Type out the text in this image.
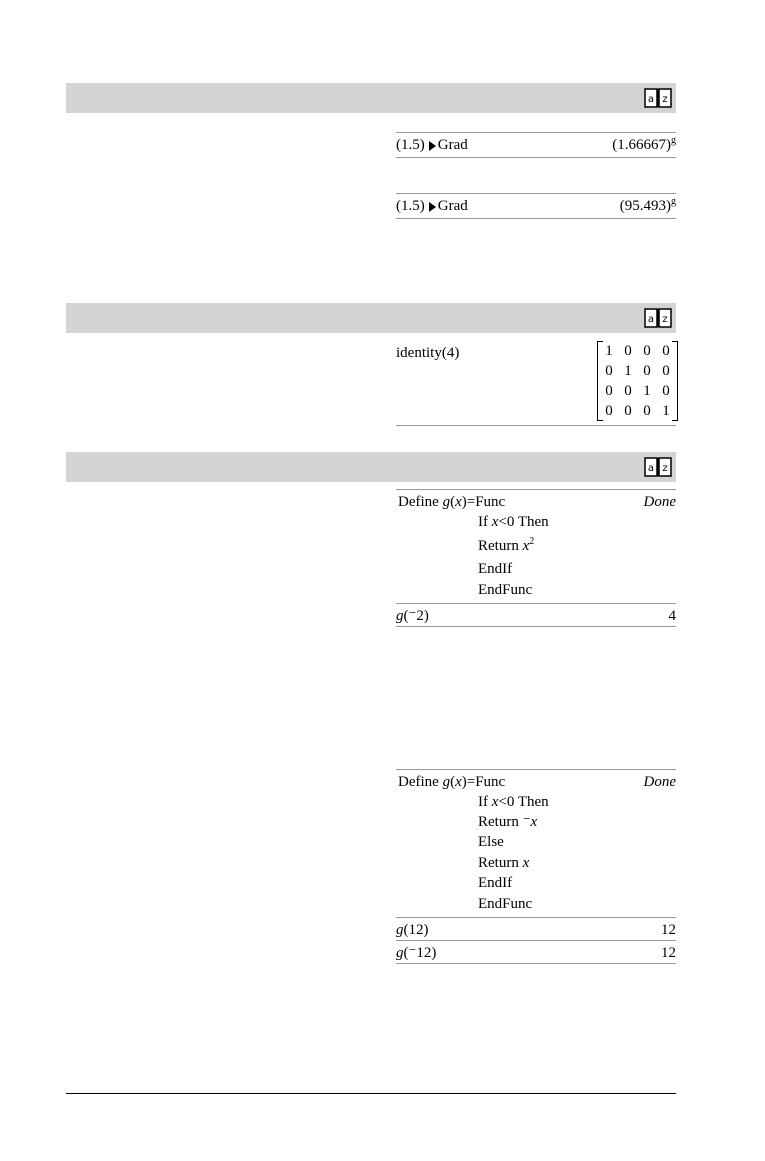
a z
a z
a z
(1.5) Grad	$(1.66667)^g$
(1.5) Grad	$(95.493)^g$
identity(4)	1 0 0 0
0 1 0 0
0 0 1 0
0 0 0 1
Define g(x)=Func	Done
If x<0 Then
Return $x^2$
EndIf
EndFunc
g(⁻2)	4
Define g(x)=Func	Done
If x<0 Then
Return ⁻x
Else
Return x
EndIf
EndFunc
g(12)	12
g(⁻12)	12
